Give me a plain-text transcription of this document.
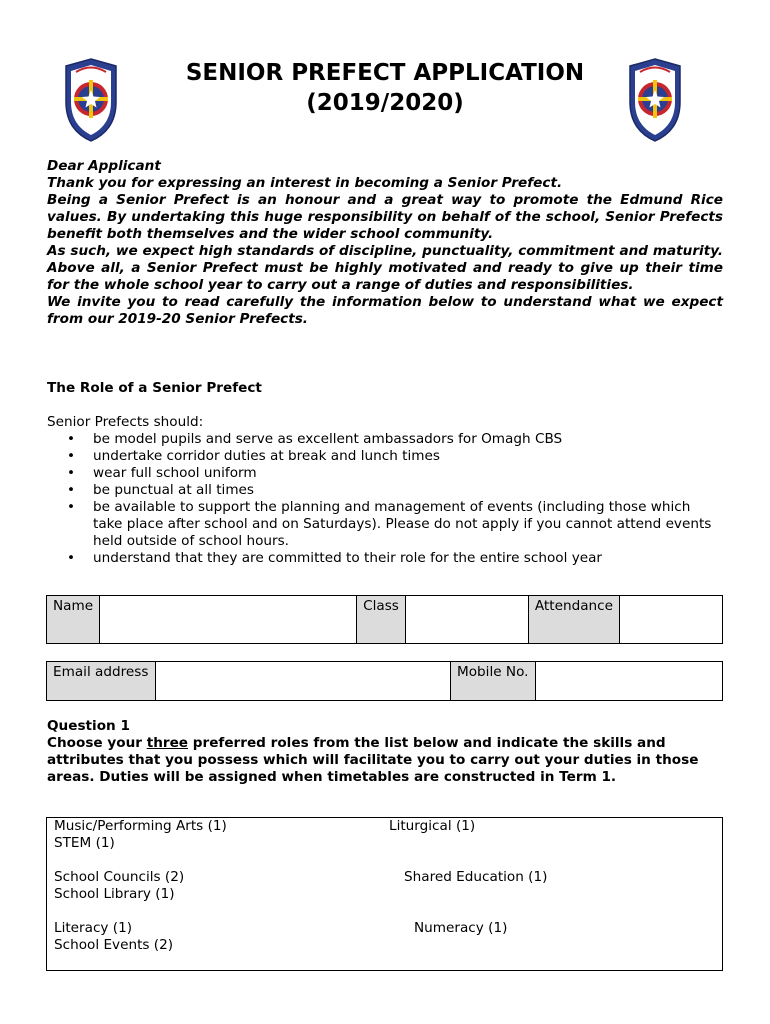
SENIOR PREFECT APPLICATION
(2019/2020)

Dear Applicant

Thank you for expressing an interest in becoming a Senior Prefect.

Being a Senior Prefect is an honour and a great way to promote the Edmund Rice values. By undertaking this huge responsibility on behalf of the school, Senior Prefects benefit both themselves and the wider school community.

As such, we expect high standards of discipline, punctuality, commitment and maturity. Above all, a Senior Prefect must be highly motivated and ready to give up their time for the whole school year to carry out a range of duties and responsibilities.

We invite you to read carefully the information below to understand what we expect from our 2019-20 Senior Prefects.

The Role of a Senior Prefect
Senior Prefects should:
• be model pupils and serve as excellent ambassadors for Omagh CBS
• undertake corridor duties at break and lunch times
• wear full school uniform
• be punctual at all times
• be available to support the planning and management of events (including those which take place after school and on Saturdays). Please do not apply if you cannot attend events held outside of school hours.
• understand that they are committed to their role for the entire school year
Name		Class		Attendance	
Email address		Mobile No.	

Question 1

Choose your three preferred roles from the list below and indicate the skills and attributes that you possess which will facilitate you to carry out your duties in those areas. Duties will be assigned when timetables are constructed in Term 1.

Music/Performing Arts (1)	Liturgical (1)
STEM (1)
School Councils (2)	Shared Education (1)
School Library (1)
Literacy (1)	Numeracy (1)
School Events (2)
